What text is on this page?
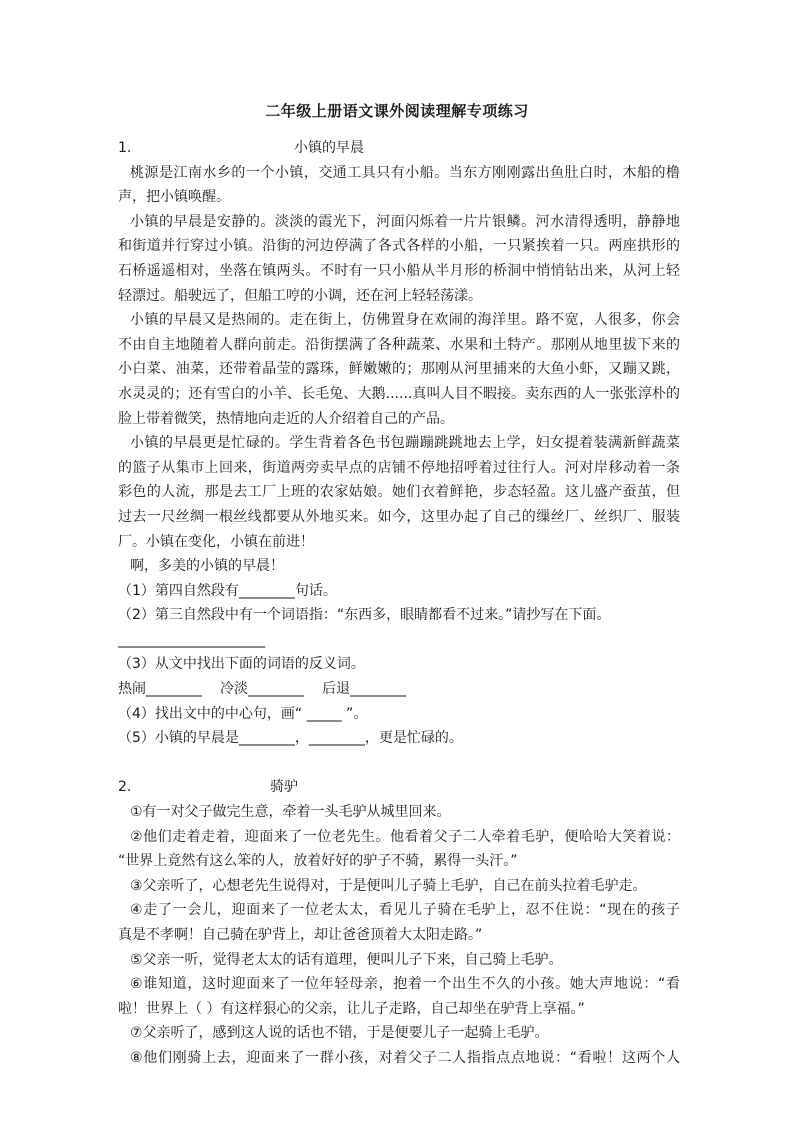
二年级上册语文课外阅读理解专项练习
1.	小镇的早晨
桃源是江南水乡的一个小镇，交通工具只有小船。当东方刚刚露出鱼肚白时，木船的橹
声，把小镇唤醒。
小镇的早晨是安静的。淡淡的霞光下，河面闪烁着一片片银鳞。河水清得透明，静静地
和街道并行穿过小镇。沿街的河边停满了各式各样的小船，一只紧挨着一只。两座拱形的
石桥遥遥相对，坐落在镇两头。不时有一只小船从半月形的桥洞中悄悄钻出来，从河上轻
轻漂过。船驶远了，但船工哼的小调，还在河上轻轻荡漾。
小镇的早晨又是热闹的。走在街上，仿佛置身在欢闹的海洋里。路不宽，人很多，你会
不由自主地随着人群向前走。沿街摆满了各种蔬菜、水果和土特产。那刚从地里拔下来的
小白菜、油菜，还带着晶莹的露珠，鲜嫩嫩的；那刚从河里捕来的大鱼小虾，又蹦又跳，
水灵灵的；还有雪白的小羊、长毛兔、大鹅......真叫人目不暇接。卖东西的人一张张淳朴的
脸上带着微笑，热情地向走近的人介绍着自己的产品。
小镇的早晨更是忙碌的。学生背着各色书包蹦蹦跳跳地去上学，妇女提着装满新鲜蔬菜
的篮子从集市上回来，街道两旁卖早点的店铺不停地招呼着过往行人。河对岸移动着一条
彩色的人流，那是去工厂上班的农家姑娘。她们衣着鲜艳，步态轻盈。这儿盛产蚕茧，但
过去一尺丝绸一根丝线都要从外地买来。如今，这里办起了自己的缫丝厂、丝织厂、服装
厂。小镇在变化，小镇在前进！
啊，多美的小镇的早晨！
（1）第四自然段有________句话。
（2）第三自然段中有一个词语指：“东西多，眼睛都看不过来。”请抄写在下面。
_____________________
（3）从文中找出下面的词语的反义词。
热闹________ 冷淡________ 后退________
（4）找出文中的中心句，画“ _____ ”。
（5）小镇的早晨是________，________，更是忙碌的。
2.	骑驴
①有一对父子做完生意，牵着一头毛驴从城里回来。
②他们走着走着，迎面来了一位老先生。他看着父子二人牵着毛驴，便哈哈大笑着说：
“世界上竟然有这么笨的人，放着好好的驴子不骑，累得一头汗。”
③父亲听了，心想老先生说得对，于是便叫儿子骑上毛驴，自己在前头拉着毛驴走。
④走了一会儿，迎面来了一位老太太，看见儿子骑在毛驴上，忍不住说：“现在的孩子
真是不孝啊！自己骑在驴背上，却让爸爸顶着大太阳走路。”
⑤父亲一听，觉得老太太的话有道理，便叫儿子下来，自己骑上毛驴。
⑥谁知道，这时迎面来了一位年轻母亲，抱着一个出生不久的小孩。她大声地说：“看
啦！世界上（ ）有这样狠心的父亲，让儿子走路，自己却坐在驴背上享福。”
⑦父亲听了，感到这人说的话也不错，于是便要儿子一起骑上毛驴。
⑧他们刚骑上去，迎面来了一群小孩，对着父子二人指指点点地说：“看啦！这两个人
